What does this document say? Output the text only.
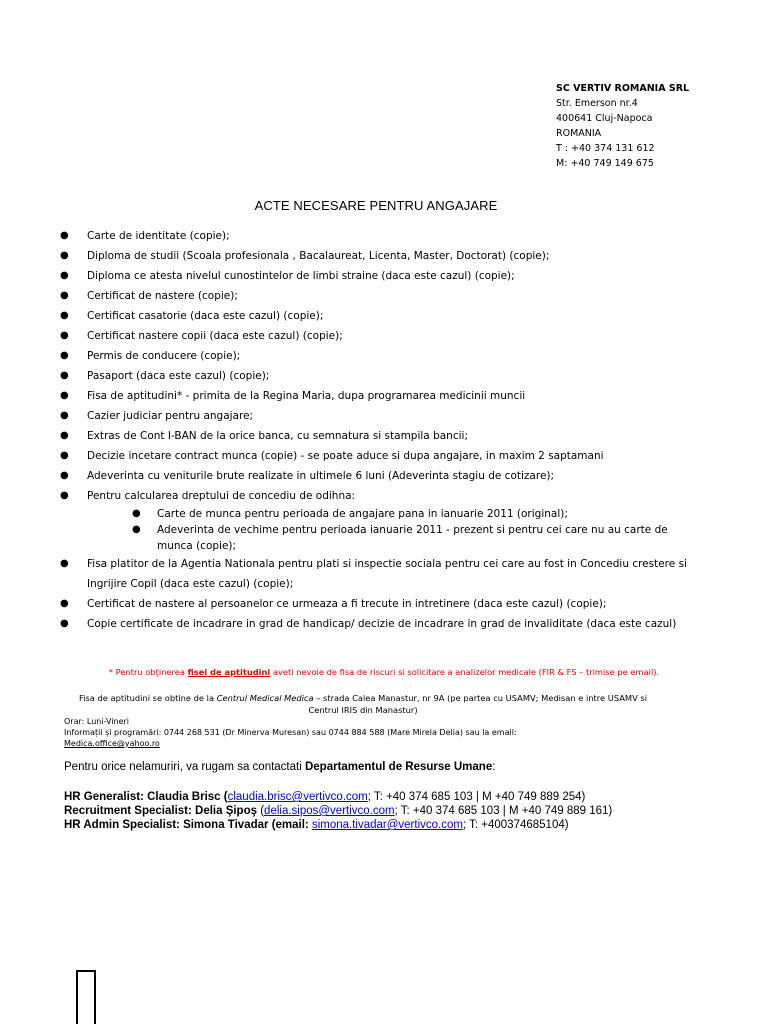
SC VERTIV ROMANIA SRL
Str. Emerson nr.4
400641 Cluj-Napoca
ROMANIA
T : +40 374 131 612
M: +40 749 149 675
ACTE NECESARE PENTRU ANGAJARE
● Carte de identitate (copie);
● Diploma de studii (Scoala profesionala , Bacalaureat, Licenta, Master, Doctorat) (copie);
● Diploma ce atesta nivelul cunostintelor de limbi straine (daca este cazul) (copie);
● Certificat de nastere (copie);
● Certificat casatorie (daca este cazul) (copie);
● Certificat nastere copii (daca este cazul) (copie);
● Permis de conducere (copie);
● Pasaport (daca este cazul) (copie);
● Fisa de aptitudini* - primita de la Regina Maria, dupa programarea medicinii muncii
● Cazier judiciar pentru angajare;
● Extras de Cont I-BAN de la orice banca, cu semnatura si stampila bancii;
● Decizie incetare contract munca (copie) - se poate aduce si dupa angajare, in maxim 2 saptamani
● Adeverinta cu veniturile brute realizate in ultimele 6 luni (Adeverinta stagiu de cotizare);
● Pentru calcularea dreptului de concediu de odihna:
● Carte de munca pentru perioada de angajare pana in ianuarie 2011 (original);
● Adeverinta de vechime pentru perioada ianuarie 2011 - prezent si pentru cei care nu au carte de munca (copie);
● Fisa platitor de la Agentia Nationala pentru plati si inspectie sociala pentru cei care au fost in Concediu crestere si Ingrijire Copil (daca este cazul) (copie);
● Certificat de nastere al persoanelor ce urmeaza a fi trecute in intretinere (daca este cazul) (copie);
● Copie certificate de incadrare in grad de handicap/ decizie de incadrare in grad de invaliditate (daca este cazul)
* Pentru obţinerea fisei de aptitudini aveti nevoie de fisa de riscuri si solicitare a analizelor medicale (FIR & FS – trimise pe email).
Fisa de aptitudini se obtine de la Centrul Medical Medica – strada Calea Manastur, nr 9A (pe partea cu USAMV; Medisan e intre USAMV si Centrul IRIS din Manastur)
Orar: Luni-Vineri
Informații și programări: 0744 268 531 (Dr Minerva Muresan) sau 0744 884 588 (Mare Mirela Delia) sau la email:
Medica.office@yahoo.ro
Pentru orice nelamuriri, va rugam sa contactati Departamentul de Resurse Umane:
HR Generalist: Claudia Brisc (claudia.brisc@vertivco.com; T: +40 374 685 103 | M +40 749 889 254)
Recruitment Specialist: Delia Şipoş (delia.sipos@vertivco.com; T: +40 374 685 103 | M +40 749 889 161)
HR Admin Specialist: Simona Tivadar (email: simona.tivadar@vertivco.com; T: +400374685104)
